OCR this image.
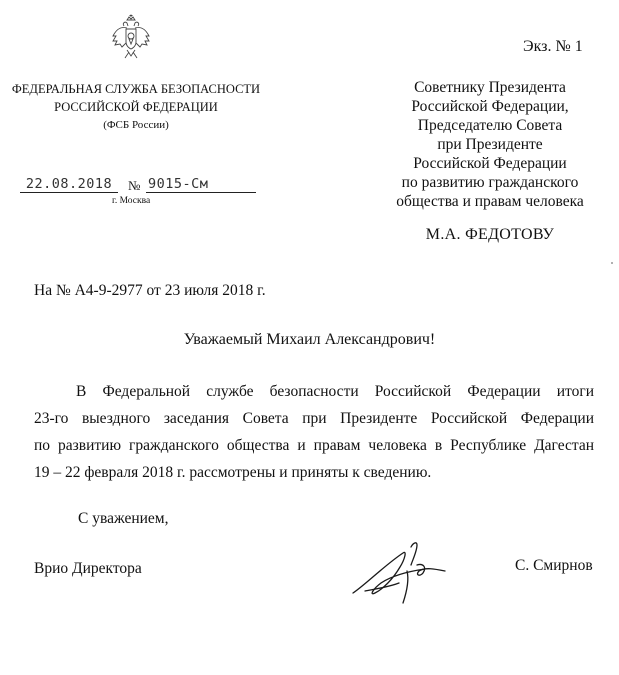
Экз. № 1
ФЕДЕРАЛЬНАЯ СЛУЖБА БЕЗОПАСНОСТИ
РОССИЙСКОЙ ФЕДЕРАЦИИ
(ФСБ России)
22.08.2018	№ 9015-См
г. Москва
Советнику Президента
Российской Федерации,
Председателю Совета
при Президенте
Российской Федерации
по развитию гражданского
общества и правам человека
М.А. ФЕДОТОВУ
На № А4-9-2977 от 23 июля 2018 г.
Уважаемый Михаил Александрович!
В Федеральной службе безопасности Российской Федерации итоги
23-го выездного заседания Совета при Президенте Российской Федерации
по развитию гражданского общества и правам человека в Республике Дагестан
19 – 22 февраля 2018 г. рассмотрены и приняты к сведению.
С уважением,
Врио Директора	С. Смирнов
